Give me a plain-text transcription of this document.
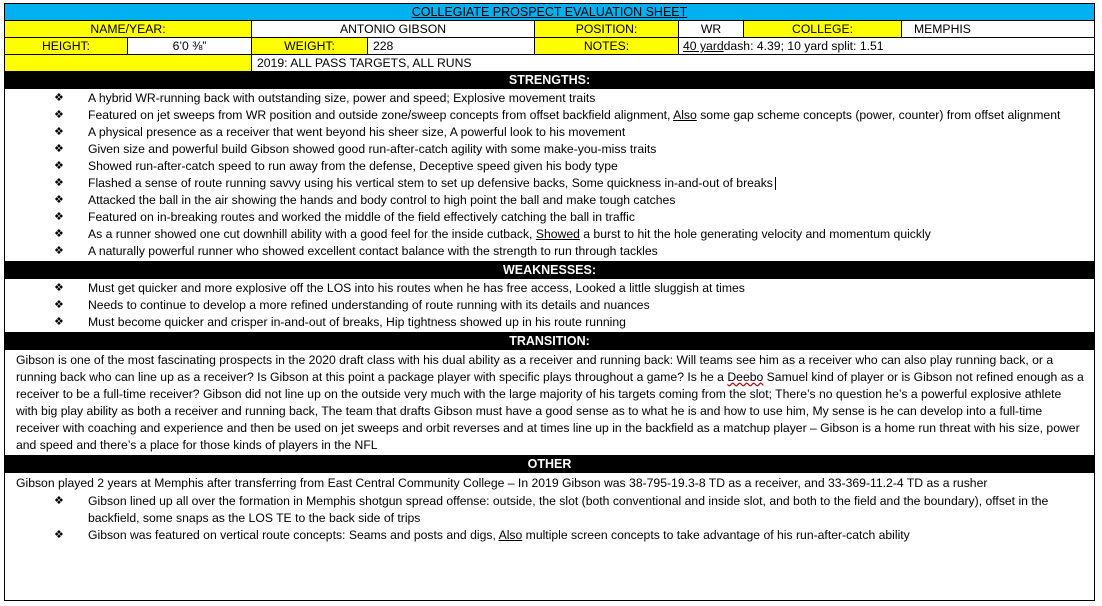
COLLEGIATE PROSPECT EVALUATION SHEET
NAME/YEAR:	ANTONIO GIBSON	POSITION:	WR	COLLEGE:	MEMPHIS
HEIGHT:	6’0 ⅜”	WEIGHT:	228	NOTES:	40 yard dash: 4.39; 10 yard split: 1.51
2019: ALL PASS TARGETS, ALL RUNS
STRENGTHS:
❖ A hybrid WR-running back with outstanding size, power and speed; Explosive movement traits
❖ Featured on jet sweeps from WR position and outside zone/sweep concepts from offset backfield alignment, Also some gap scheme concepts (power, counter) from offset alignment
❖ A physical presence as a receiver that went beyond his sheer size, A powerful look to his movement
❖ Given size and powerful build Gibson showed good run-after-catch agility with some make-you-miss traits
❖ Showed run-after-catch speed to run away from the defense, Deceptive speed given his body type
❖ Flashed a sense of route running savvy using his vertical stem to set up defensive backs, Some quickness in-and-out of breaks
❖ Attacked the ball in the air showing the hands and body control to high point the ball and make tough catches
❖ Featured on in-breaking routes and worked the middle of the field effectively catching the ball in traffic
❖ As a runner showed one cut downhill ability with a good feel for the inside cutback, Showed a burst to hit the hole generating velocity and momentum quickly
❖ A naturally powerful runner who showed excellent contact balance with the strength to run through tackles
WEAKNESSES:
❖ Must get quicker and more explosive off the LOS into his routes when he has free access, Looked a little sluggish at times
❖ Needs to continue to develop a more refined understanding of route running with its details and nuances
❖ Must become quicker and crisper in-and-out of breaks, Hip tightness showed up in his route running
TRANSITION:
Gibson is one of the most fascinating prospects in the 2020 draft class with his dual ability as a receiver and running back: Will teams see him as a receiver who can also play running back, or a running back who can line up as a receiver? Is Gibson at this point a package player with specific plays throughout a game? Is he a Deebo Samuel kind of player or is Gibson not refined enough as a receiver to be a full-time receiver? Gibson did not line up on the outside very much with the large majority of his targets coming from the slot; There’s no question he’s a powerful explosive athlete with big play ability as both a receiver and running back, The team that drafts Gibson must have a good sense as to what he is and how to use him, My sense is he can develop into a full-time receiver with coaching and experience and then be used on jet sweeps and orbit reverses and at times line up in the backfield as a matchup player – Gibson is a home run threat with his size, power and speed and there’s a place for those kinds of players in the NFL
OTHER
Gibson played 2 years at Memphis after transferring from East Central Community College – In 2019 Gibson was 38-795-19.3-8 TD as a receiver, and 33-369-11.2-4 TD as a rusher
❖ Gibson lined up all over the formation in Memphis shotgun spread offense: outside, the slot (both conventional and inside slot, and both to the field and the boundary), offset in the backfield, some snaps as the LOS TE to the back side of trips
❖ Gibson was featured on vertical route concepts: Seams and posts and digs, Also multiple screen concepts to take advantage of his run-after-catch ability
